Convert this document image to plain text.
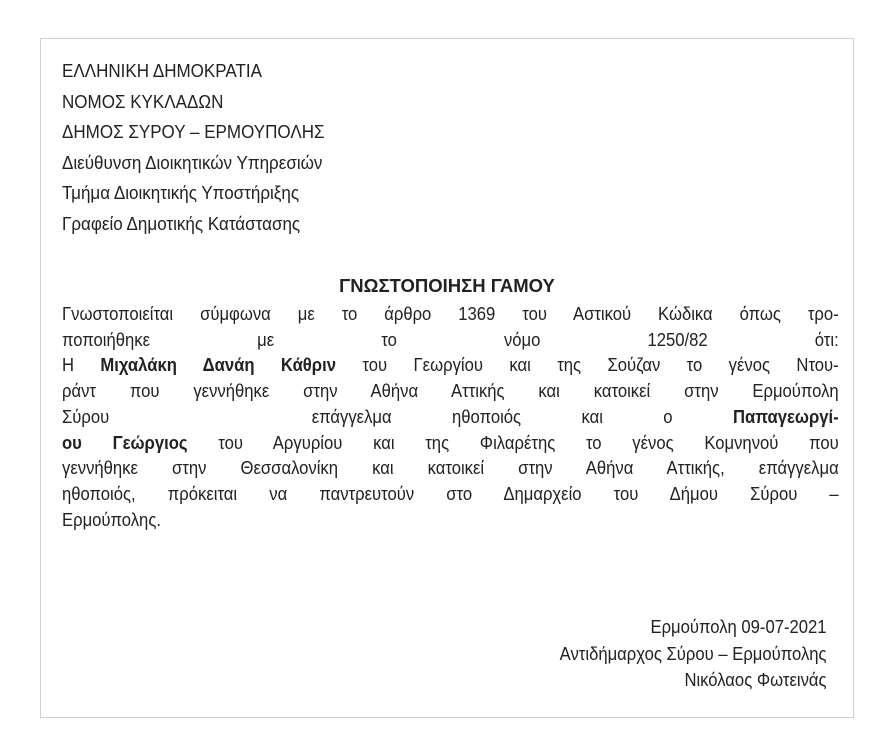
ΕΛΛΗΝΙΚΗ ΔΗΜΟΚΡΑΤΙΑ
ΝΟΜΟΣ ΚΥΚΛΑΔΩΝ
ΔΗΜΟΣ ΣΥΡΟΥ – ΕΡΜΟΥΠΟΛΗΣ
Διεύθυνση Διοικητικών Υπηρεσιών
Τμήμα Διοικητικής Υποστήριξης
Γραφείο Δημοτικής Κατάστασης
ΓΝΩΣΤΟΠΟΙΗΣΗ ΓΑΜΟΥ
Γνωστοποιείται σύμφωνα με το άρθρο 1369 του Αστικού Κώδικα όπως τρο-
ποποιήθηκε με το νόμο 1250/82 ότι:
Η Μιχαλάκη Δανάη Κάθριν του Γεωργίου και της Σούζαν το γένος Ντου-
ράντ που γεννήθηκε στην Αθήνα Αττικής και κατοικεί στην Ερμούπολη
Σύρου	επάγγελμα ηθοποιός και ο	Παπαγεωργί-
ου Γεώργιος του Αργυρίου και της Φιλαρέτης το γένος Κομνηνού που
γεννήθηκε στην Θεσσαλονίκη και κατοικεί στην Αθήνα Αττικής, επάγγελμα
ηθοποιός, πρόκειται να παντρευτούν στο Δημαρχείο του Δήμου Σύρου –
Ερμούπολης.
Ερμούπολη 09-07-2021
Αντιδήμαρχος Σύρου – Ερμούπολης
Νικόλαος Φωτεινάς
